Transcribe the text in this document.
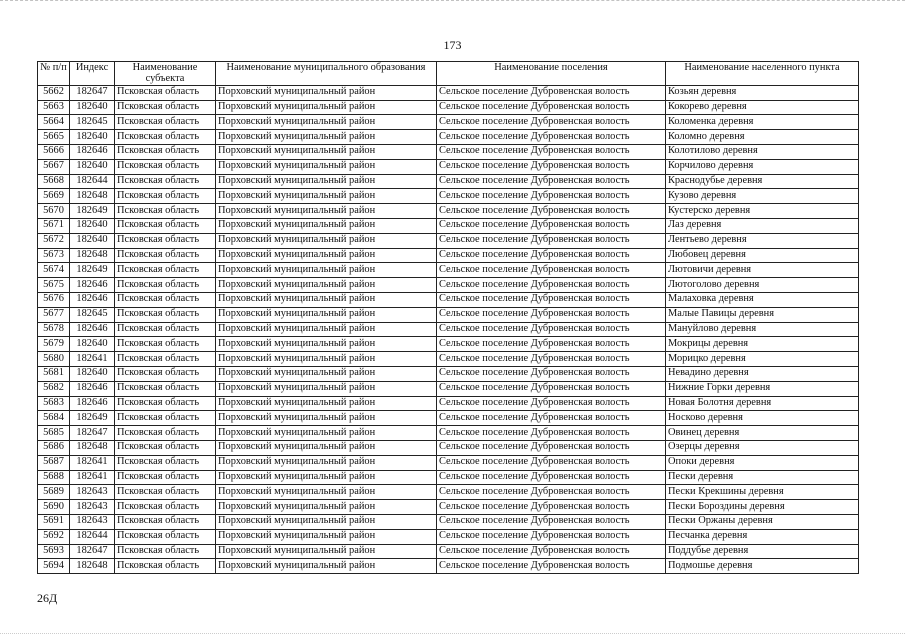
173
№ п/п	Индекс	Наименование субъекта	Наименование муниципального образования	Наименование поселения	Наименование населенного пункта
5662	182647	Псковская область	Порховский муниципальный район	Сельское поселение Дубровенская волость	Козьян деревня
5663	182640	Псковская область	Порховский муниципальный район	Сельское поселение Дубровенская волость	Кокорево деревня
5664	182645	Псковская область	Порховский муниципальный район	Сельское поселение Дубровенская волость	Коломенка деревня
5665	182640	Псковская область	Порховский муниципальный район	Сельское поселение Дубровенская волость	Коломно деревня
5666	182646	Псковская область	Порховский муниципальный район	Сельское поселение Дубровенская волость	Колотилово деревня
5667	182640	Псковская область	Порховский муниципальный район	Сельское поселение Дубровенская волость	Корчилово деревня
5668	182644	Псковская область	Порховский муниципальный район	Сельское поселение Дубровенская волость	Краснодубье деревня
5669	182648	Псковская область	Порховский муниципальный район	Сельское поселение Дубровенская волость	Кузово деревня
5670	182649	Псковская область	Порховский муниципальный район	Сельское поселение Дубровенская волость	Кустерско деревня
5671	182640	Псковская область	Порховский муниципальный район	Сельское поселение Дубровенская волость	Лаз деревня
5672	182640	Псковская область	Порховский муниципальный район	Сельское поселение Дубровенская волость	Лентьево деревня
5673	182648	Псковская область	Порховский муниципальный район	Сельское поселение Дубровенская волость	Любовец деревня
5674	182649	Псковская область	Порховский муниципальный район	Сельское поселение Дубровенская волость	Лютовичи деревня
5675	182646	Псковская область	Порховский муниципальный район	Сельское поселение Дубровенская волость	Лютоголово деревня
5676	182646	Псковская область	Порховский муниципальный район	Сельское поселение Дубровенская волость	Малаховка деревня
5677	182645	Псковская область	Порховский муниципальный район	Сельское поселение Дубровенская волость	Малые Павицы деревня
5678	182646	Псковская область	Порховский муниципальный район	Сельское поселение Дубровенская волость	Мануйлово деревня
5679	182640	Псковская область	Порховский муниципальный район	Сельское поселение Дубровенская волость	Мокрицы деревня
5680	182641	Псковская область	Порховский муниципальный район	Сельское поселение Дубровенская волость	Морицко деревня
5681	182640	Псковская область	Порховский муниципальный район	Сельское поселение Дубровенская волость	Невадино деревня
5682	182646	Псковская область	Порховский муниципальный район	Сельское поселение Дубровенская волость	Нижние Горки деревня
5683	182646	Псковская область	Порховский муниципальный район	Сельское поселение Дубровенская волость	Новая Болотня деревня
5684	182649	Псковская область	Порховский муниципальный район	Сельское поселение Дубровенская волость	Носково деревня
5685	182647	Псковская область	Порховский муниципальный район	Сельское поселение Дубровенская волость	Овинец деревня
5686	182648	Псковская область	Порховский муниципальный район	Сельское поселение Дубровенская волость	Озерцы деревня
5687	182641	Псковская область	Порховский муниципальный район	Сельское поселение Дубровенская волость	Опоки деревня
5688	182641	Псковская область	Порховский муниципальный район	Сельское поселение Дубровенская волость	Пески деревня
5689	182643	Псковская область	Порховский муниципальный район	Сельское поселение Дубровенская волость	Пески Крекшины деревня
5690	182643	Псковская область	Порховский муниципальный район	Сельское поселение Дубровенская волость	Пески Бороздины деревня
5691	182643	Псковская область	Порховский муниципальный район	Сельское поселение Дубровенская волость	Пески Оржаны деревня
5692	182644	Псковская область	Порховский муниципальный район	Сельское поселение Дубровенская волость	Песчанка деревня
5693	182647	Псковская область	Порховский муниципальный район	Сельское поселение Дубровенская волость	Поддубье деревня
5694	182648	Псковская область	Порховский муниципальный район	Сельское поселение Дубровенская волость	Подмошье деревня
26Д
